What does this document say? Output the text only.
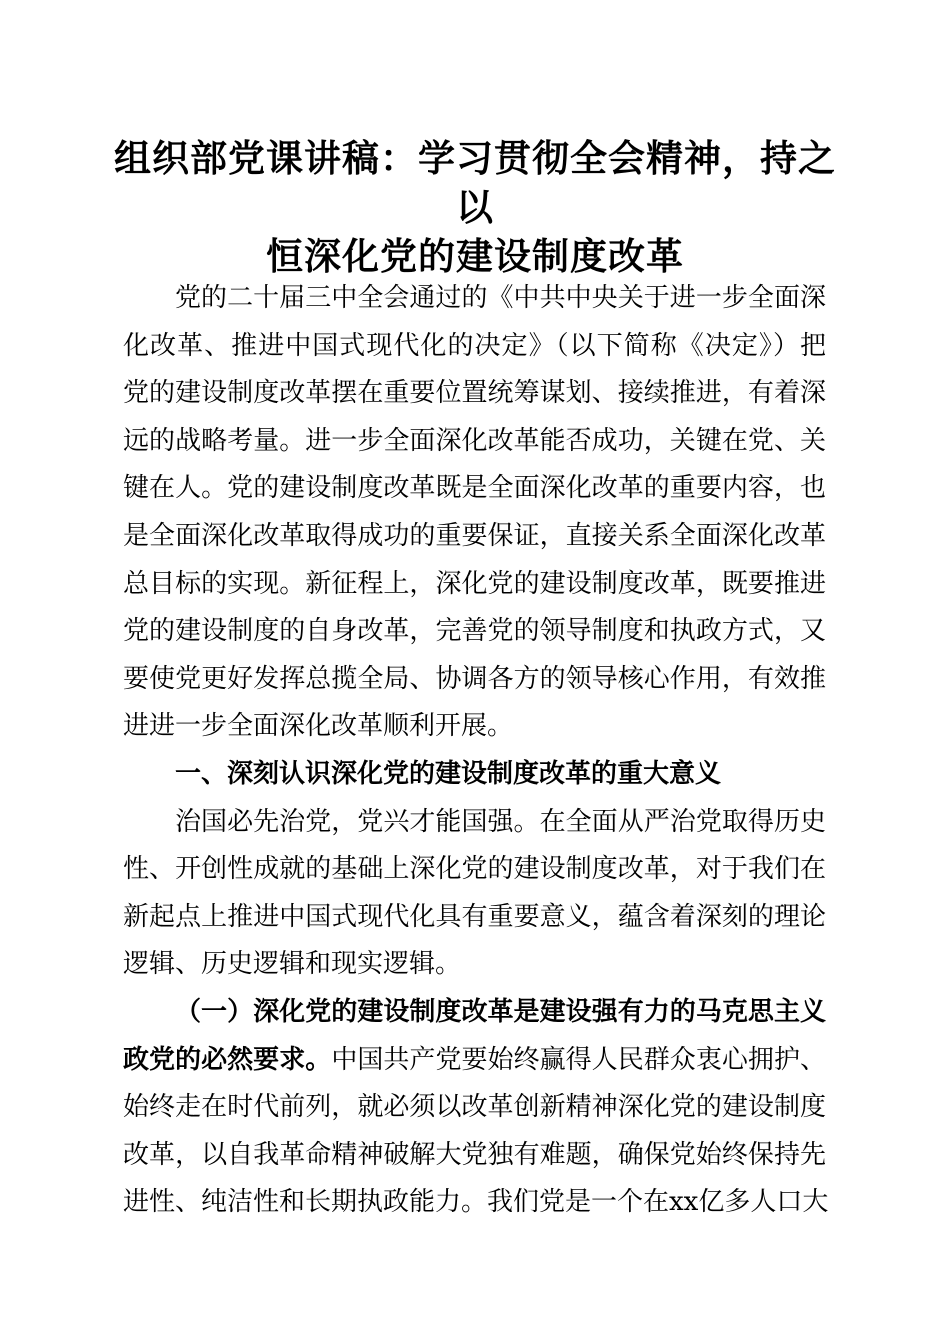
组织部党课讲稿：学习贯彻全会精神，持之以
恒深化党的建设制度改革
党的二十届三中全会通过的《中共中央关于进一步全面深
化改革、推进中国式现代化的决定》（以下简称《决定》）把
党的建设制度改革摆在重要位置统筹谋划、接续推进，有着深
远的战略考量。进一步全面深化改革能否成功，关键在党、关
键在人。党的建设制度改革既是全面深化改革的重要内容，也
是全面深化改革取得成功的重要保证，直接关系全面深化改革
总目标的实现。新征程上，深化党的建设制度改革，既要推进
党的建设制度的自身改革，完善党的领导制度和执政方式，又
要使党更好发挥总揽全局、协调各方的领导核心作用，有效推
进进一步全面深化改革顺利开展。
一、深刻认识深化党的建设制度改革的重大意义
治国必先治党，党兴才能国强。在全面从严治党取得历史
性、开创性成就的基础上深化党的建设制度改革，对于我们在
新起点上推进中国式现代化具有重要意义，蕴含着深刻的理论
逻辑、历史逻辑和现实逻辑。
（一）深化党的建设制度改革是建设强有力的马克思主义
政党的必然要求。中国共产党要始终赢得人民群众衷心拥护、
始终走在时代前列，就必须以改革创新精神深化党的建设制度
改革，以自我革命精神破解大党独有难题，确保党始终保持先
进性、纯洁性和长期执政能力。我们党是一个在xx亿多人口大
